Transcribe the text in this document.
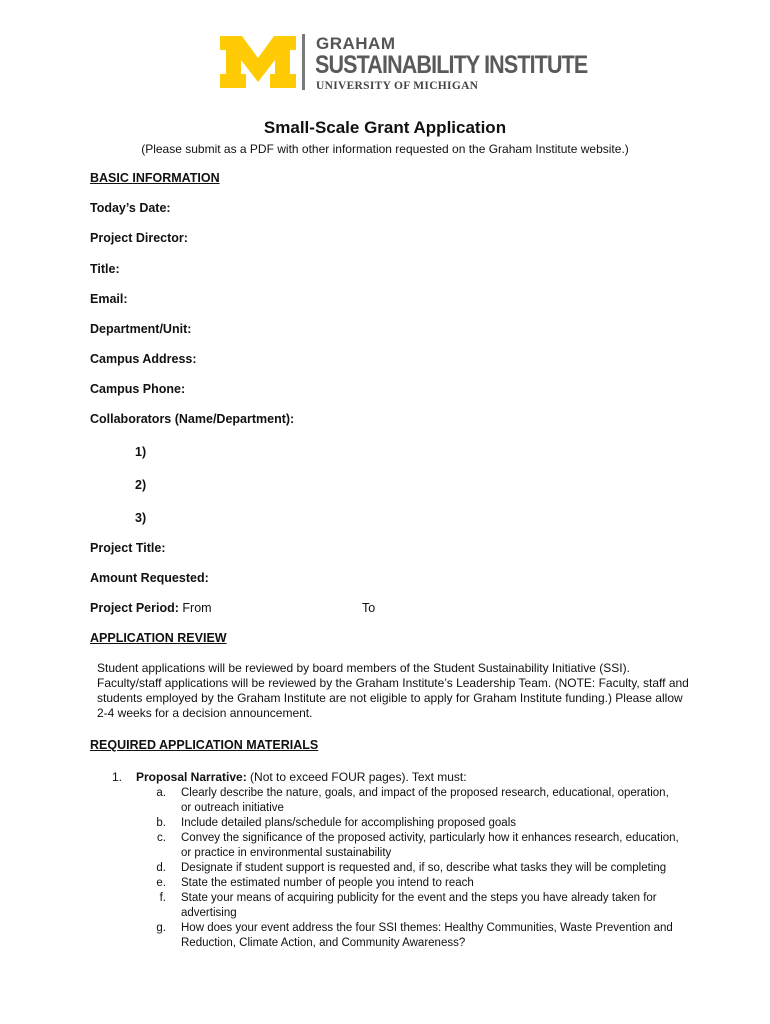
GRAHAM
SUSTAINABILITY INSTITUTE
UNIVERSITY OF MICHIGAN
Small-Scale Grant Application
(Please submit as a PDF with other information requested on the Graham Institute website.)
BASIC INFORMATION
Today’s Date:
Project Director:
Title:
Email:
Department/Unit:
Campus Address:
Campus Phone:
Collaborators (Name/Department):
1)
2)
3)
Project Title:
Amount Requested:
Project Period: From	To
APPLICATION REVIEW
Student applications will be reviewed by board members of the Student Sustainability Initiative (SSI).
Faculty/staff applications will be reviewed by the Graham Institute’s Leadership Team. (NOTE: Faculty, staff and
students employed by the Graham Institute are not eligible to apply for Graham Institute funding.) Please allow
2-4 weeks for a decision announcement.
REQUIRED APPLICATION MATERIALS
1. Proposal Narrative: (Not to exceed FOUR pages). Text must:
a. Clearly describe the nature, goals, and impact of the proposed research, educational, operation,
or outreach initiative
b. Include detailed plans/schedule for accomplishing proposed goals
c. Convey the significance of the proposed activity, particularly how it enhances research, education,
or practice in environmental sustainability
d. Designate if student support is requested and, if so, describe what tasks they will be completing
e. State the estimated number of people you intend to reach
f. State your means of acquiring publicity for the event and the steps you have already taken for
advertising
g. How does your event address the four SSI themes: Healthy Communities, Waste Prevention and
Reduction, Climate Action, and Community Awareness?
